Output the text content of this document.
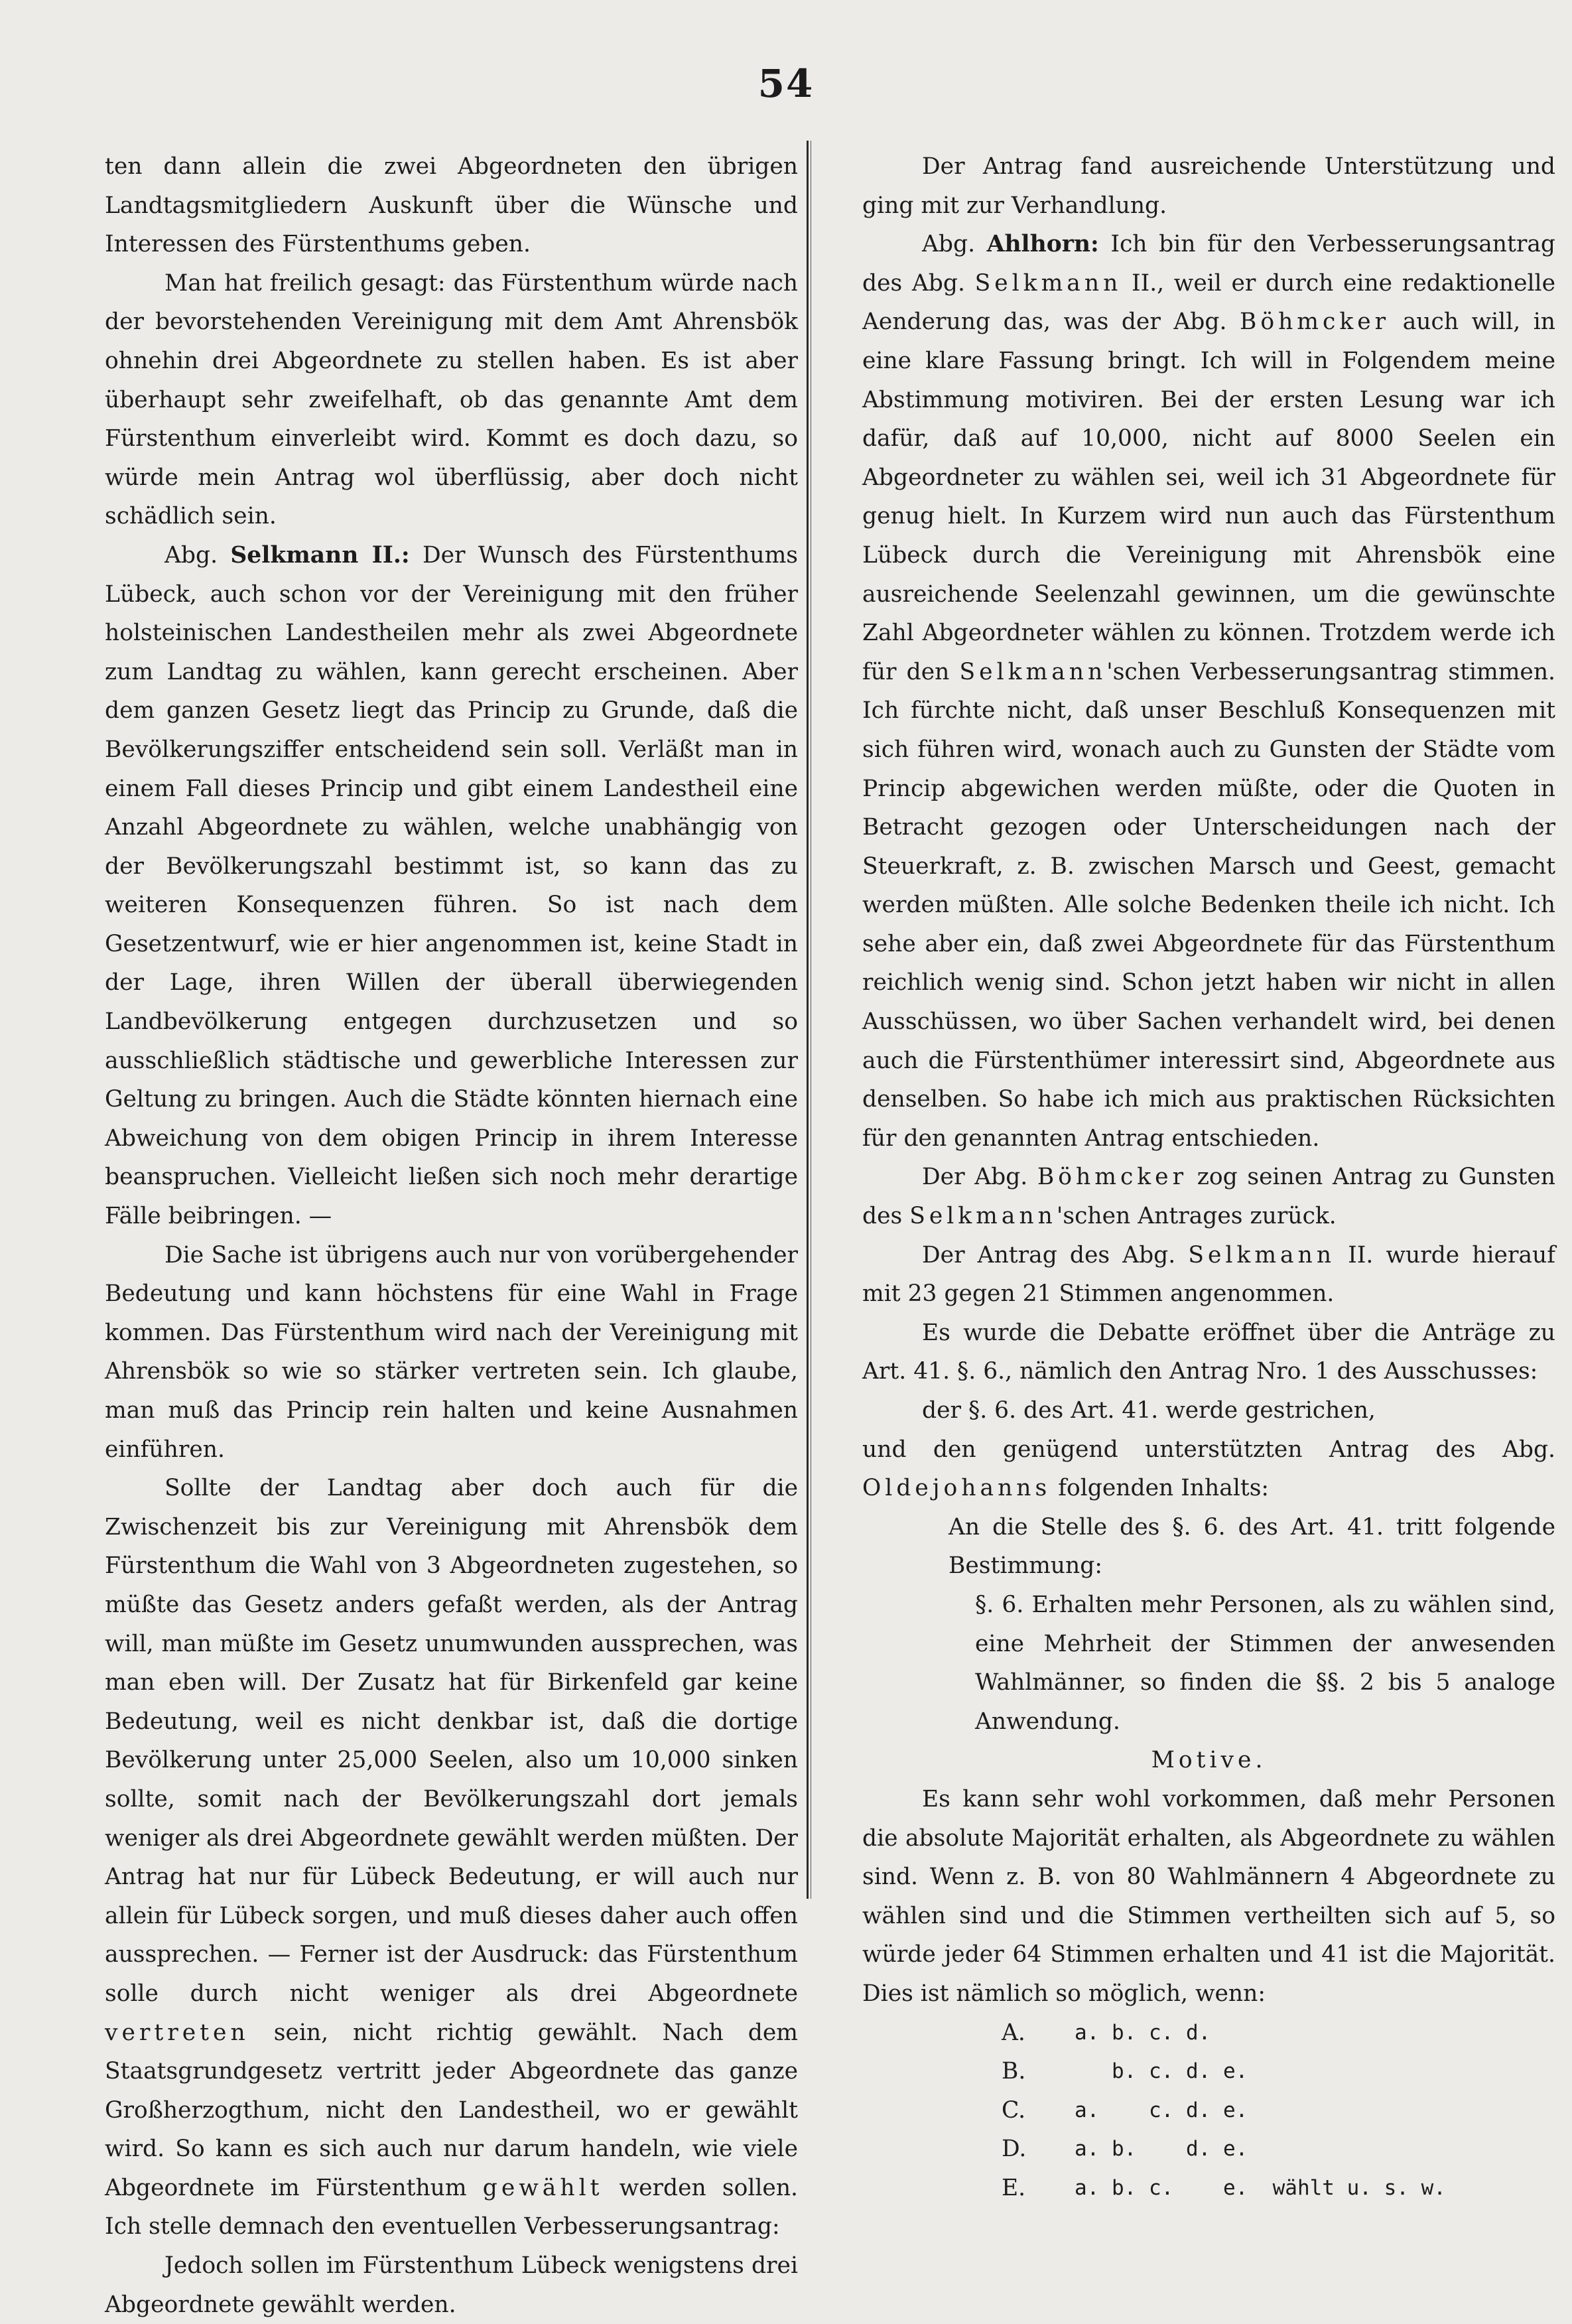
54

ten dann allein die zwei Abgeordneten den übrigen Landtagsmitgliedern Auskunft über die Wünsche und Interessen des Fürstenthums geben.

Man hat freilich gesagt: das Fürstenthum würde nach der bevorstehenden Vereinigung mit dem Amt Ahrensbök ohnehin drei Abgeordnete zu stellen haben. Es ist aber überhaupt sehr zweifelhaft, ob das genannte Amt dem Fürstenthum einverleibt wird. Kommt es doch dazu, so würde mein Antrag wol überflüssig, aber doch nicht schädlich sein.

Abg. Selkmann II.: Der Wunsch des Fürstenthums Lübeck, auch schon vor der Vereinigung mit den früher holsteinischen Landestheilen mehr als zwei Abgeordnete zum Landtag zu wählen, kann gerecht erscheinen. Aber dem ganzen Gesetz liegt das Princip zu Grunde, daß die Bevölkerungsziffer entscheidend sein soll. Verläßt man in einem Fall dieses Princip und gibt einem Landestheil eine Anzahl Abgeordnete zu wählen, welche unabhängig von der Bevölkerungszahl bestimmt ist, so kann das zu weiteren Konsequenzen führen. So ist nach dem Gesetzentwurf, wie er hier angenommen ist, keine Stadt in der Lage, ihren Willen der überall überwiegenden Landbevölkerung entgegen durchzusetzen und so ausschließlich städtische und gewerbliche Interessen zur Geltung zu bringen. Auch die Städte könnten hiernach eine Abweichung von dem obigen Princip in ihrem Interesse beanspruchen. Vielleicht ließen sich noch mehr derartige Fälle beibringen. —

Die Sache ist übrigens auch nur von vorübergehender Bedeutung und kann höchstens für eine Wahl in Frage kommen. Das Fürstenthum wird nach der Vereinigung mit Ahrensbök so wie so stärker vertreten sein. Ich glaube, man muß das Princip rein halten und keine Ausnahmen einführen.

Sollte der Landtag aber doch auch für die Zwischenzeit bis zur Vereinigung mit Ahrensbök dem Fürstenthum die Wahl von 3 Abgeordneten zugestehen, so müßte das Gesetz anders gefaßt werden, als der Antrag will, man müßte im Gesetz unumwunden aussprechen, was man eben will. Der Zusatz hat für Birkenfeld gar keine Bedeutung, weil es nicht denkbar ist, daß die dortige Bevölkerung unter 25,000 Seelen, also um 10,000 sinken sollte, somit nach der Bevölkerungszahl dort jemals weniger als drei Abgeordnete gewählt werden müßten. Der Antrag hat nur für Lübeck Bedeutung, er will auch nur allein für Lübeck sorgen, und muß dieses daher auch offen aussprechen. — Ferner ist der Ausdruck: das Fürstenthum solle durch nicht weniger als drei Abgeordnete vertreten sein, nicht richtig gewählt. Nach dem Staatsgrundgesetz vertritt jeder Abgeordnete das ganze Großherzogthum, nicht den Landestheil, wo er gewählt wird. So kann es sich auch nur darum handeln, wie viele Abgeordnete im Fürstenthum gewählt werden sollen. Ich stelle demnach den eventuellen Verbesserungsantrag:

Jedoch sollen im Fürstenthum Lübeck wenigstens drei Abgeordnete gewählt werden.

Der Antrag fand ausreichende Unterstützung und ging mit zur Verhandlung.

Abg. Ahlhorn: Ich bin für den Verbesserungsantrag des Abg. Selkmann II., weil er durch eine redaktionelle Aenderung das, was der Abg. Böhmcker auch will, in eine klare Fassung bringt. Ich will in Folgendem meine Abstimmung motiviren. Bei der ersten Lesung war ich dafür, daß auf 10,000, nicht auf 8000 Seelen ein Abgeordneter zu wählen sei, weil ich 31 Abgeordnete für genug hielt. In Kurzem wird nun auch das Fürstenthum Lübeck durch die Vereinigung mit Ahrensbök eine ausreichende Seelenzahl gewinnen, um die gewünschte Zahl Abgeordneter wählen zu können. Trotzdem werde ich für den Selkmann'schen Verbesserungsantrag stimmen. Ich fürchte nicht, daß unser Beschluß Konsequenzen mit sich führen wird, wonach auch zu Gunsten der Städte vom Princip abgewichen werden müßte, oder die Quoten in Betracht gezogen oder Unterscheidungen nach der Steuerkraft, z. B. zwischen Marsch und Geest, gemacht werden müßten. Alle solche Bedenken theile ich nicht. Ich sehe aber ein, daß zwei Abgeordnete für das Fürstenthum reichlich wenig sind. Schon jetzt haben wir nicht in allen Ausschüssen, wo über Sachen verhandelt wird, bei denen auch die Fürstenthümer interessirt sind, Abgeordnete aus denselben. So habe ich mich aus praktischen Rücksichten für den genannten Antrag entschieden.

Der Abg. Böhmcker zog seinen Antrag zu Gunsten des Selkmann'schen Antrages zurück.

Der Antrag des Abg. Selkmann II. wurde hierauf mit 23 gegen 21 Stimmen angenommen.

Es wurde die Debatte eröffnet über die Anträge zu Art. 41. §. 6., nämlich den Antrag Nro. 1 des Ausschusses:

der §. 6. des Art. 41. werde gestrichen,

und den genügend unterstützten Antrag des Abg. Oldejohanns folgenden Inhalts:

An die Stelle des §. 6. des Art. 41. tritt folgende Bestimmung:

§. 6. Erhalten mehr Personen, als zu wählen sind, eine Mehrheit der Stimmen der anwesenden Wahlmänner, so finden die §§. 2 bis 5 analoge Anwendung.

Motive.

Es kann sehr wohl vorkommen, daß mehr Personen die absolute Majorität erhalten, als Abgeordnete zu wählen sind. Wenn z. B. von 80 Wahlmännern 4 Abgeordnete zu wählen sind und die Stimmen vertheilten sich auf 5, so würde jeder 64 Stimmen erhalten und 41 ist die Majorität. Dies ist nämlich so möglich, wenn:

A.	a. b. c. d.
B.	b. c. d. e.
C.	a.    c. d. e.
D.	a. b.    d. e.
E.	a. b. c.    e.  wählt u. s. w.
